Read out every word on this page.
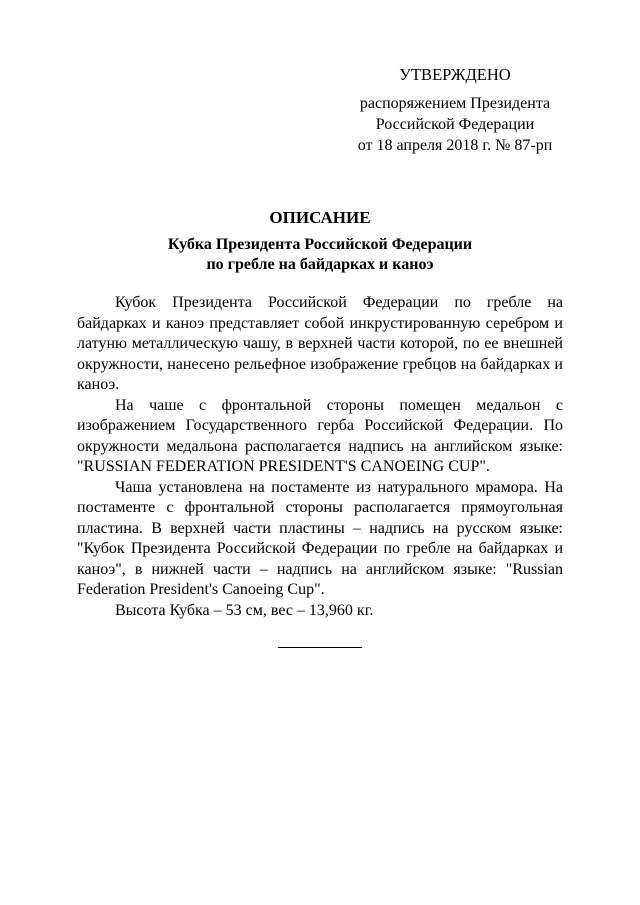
УТВЕРЖДЕНО
распоряжением Президента
Российской Федерации
от 18 апреля 2018 г. № 87-рп
ОПИСАНИЕ
Кубка Президента Российской Федерации
по гребле на байдарках и каноэ

Кубок Президента Российской Федерации по гребле на байдарках и каноэ представляет собой инкрустированную серебром и латуню металлическую чашу, в верхней части которой, по ее внешней окружности, нанесено рельефное изображение гребцов на байдарках и каноэ.

На чаше с фронтальной стороны помещен медальон с изображением Государственного герба Российской Федерации. По окружности медальона располагается надпись на английском языке: "RUSSIAN FEDERATION PRESIDENT'S CANOEING CUP".

Чаша установлена на постаменте из натурального мрамора. На постаменте с фронтальной стороны располагается прямоугольная пластина. В верхней части пластины – надпись на русском языке: "Кубок Президента Российской Федерации по гребле на байдарках и каноэ", в нижней части – надпись на английском языке: "Russian Federation President's Canoeing Cup".

Высота Кубка – 53 см, вес – 13,960 кг.
